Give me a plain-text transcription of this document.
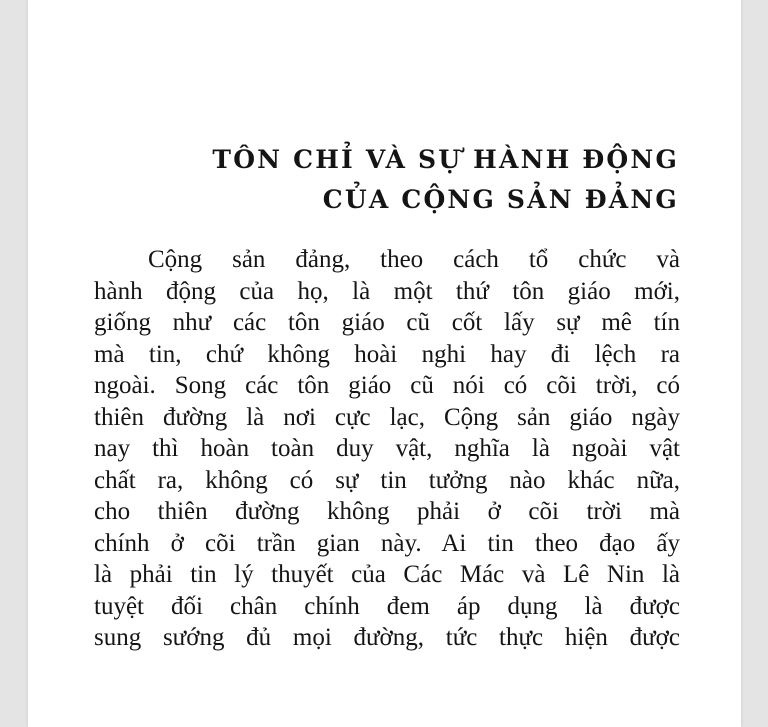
TÔN CHỈ VÀ SỰ HÀNH ĐỘNG
CỦA CỘNG SẢN ĐẢNG
Cộng sản đảng, theo cách tổ chức và
hành động của họ, là một thứ tôn giáo mới,
giống như các tôn giáo cũ cốt lấy sự mê tín
mà tin, chứ không hoài nghi hay đi lệch ra
ngoài. Song các tôn giáo cũ nói có cõi trời, có
thiên đường là nơi cực lạc, Cộng sản giáo ngày
nay thì hoàn toàn duy vật, nghĩa là ngoài vật
chất ra, không có sự tin tưởng nào khác nữa,
cho thiên đường không phải ở cõi trời mà
chính ở cõi trần gian này. Ai tin theo đạo ấy
là phải tin lý thuyết của Các Mác và Lê Nin là
tuyệt đối chân chính đem áp dụng là được
sung sướng đủ mọi đường, tức thực hiện được
